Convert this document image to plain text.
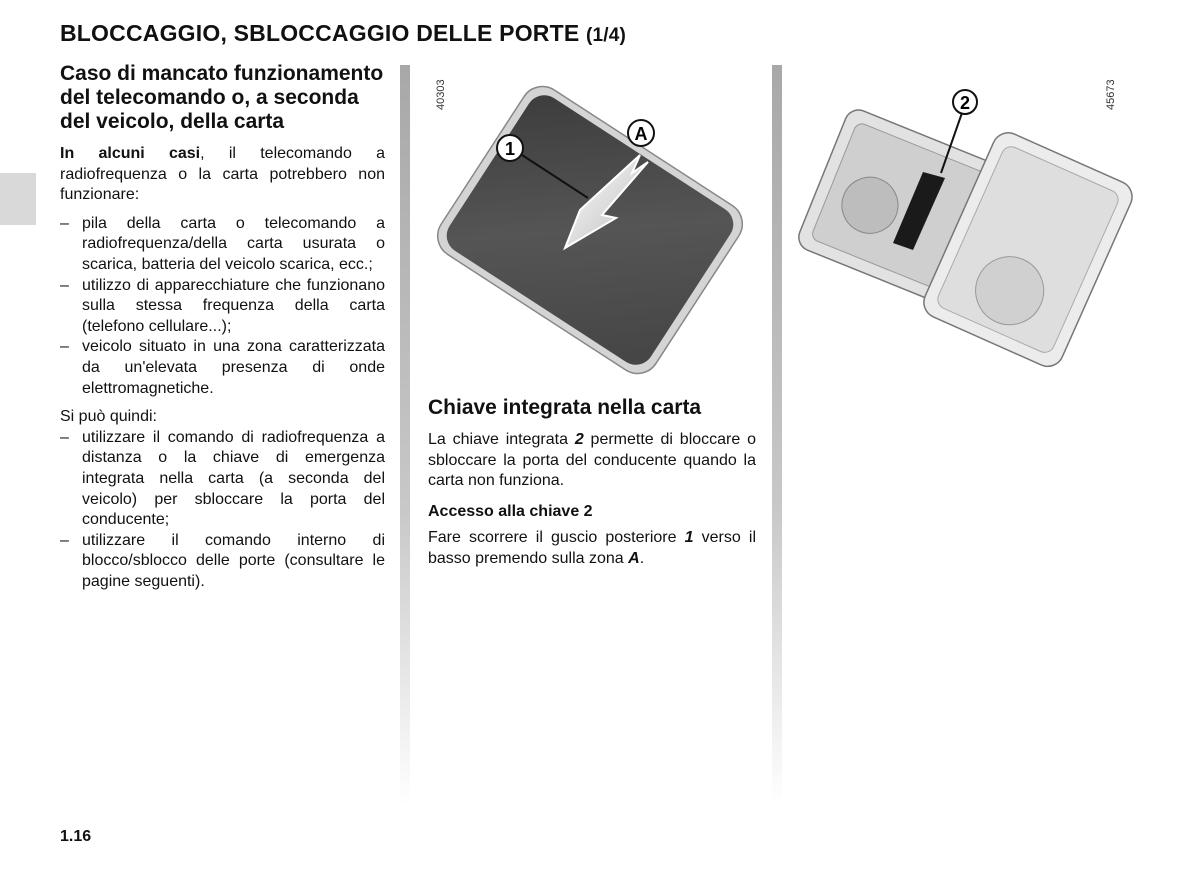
BLOCCAGGIO, SBLOCCAGGIO DELLE PORTE (1/4)
Caso di mancato funzionamento del telecomando o, a seconda del veicolo, della carta

In alcuni casi, il telecomando a radiofrequenza o la carta potrebbero non funzionare:

– pila della carta o telecomando a radiofrequenza/della carta usurata o scarica, batteria del veicolo scarica, ecc.;
– utilizzo di apparecchiature che funzionano sulla stessa frequenza della carta (telefono cellulare...);
– veicolo situato in una zona caratterizzata da un'elevata presenza di onde elettromagnetiche.

Si può quindi:

– utilizzare il comando di radiofrequenza a distanza o la chiave di emergenza integrata nella carta (a seconda del veicolo) per sbloccare la porta del conducente;
– utilizzare il comando interno di blocco/sblocco delle porte (consultare le pagine seguenti).
40303
1
A
45673
2
Chiave integrata nella carta

La chiave integrata 2 permette di bloccare o sbloccare la porta del conducente quando la carta non funziona.

Accesso alla chiave 2

Fare scorrere il guscio posteriore 1 verso il basso premendo sulla zona A.

1.16
